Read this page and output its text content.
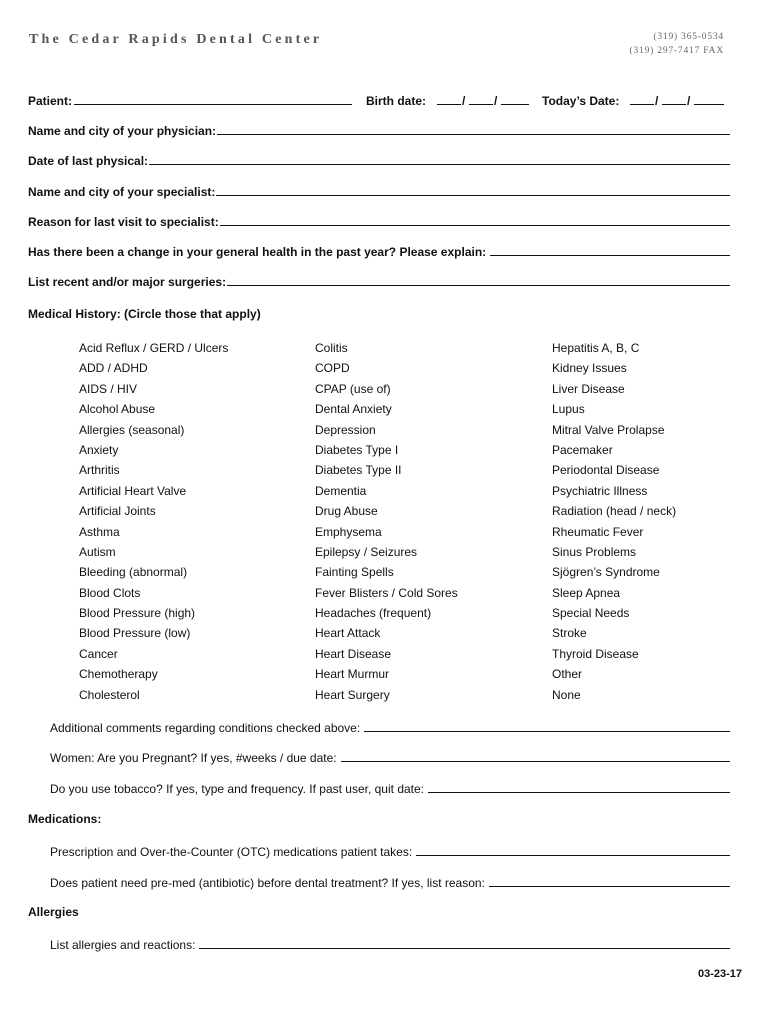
The Cedar Rapids Dental Center	(319) 365-0534
(319) 297-7417 FAX
Patient:	Birth date:	/ /	Today’s Date:	/ /
Name and city of your physician:
Date of last physical:
Name and city of your specialist:
Reason for last visit to specialist:
Has there been a change in your general health in the past year? Please explain:
List recent and/or major surgeries:
Medical History: (Circle those that apply)
Acid Reflux / GERD / Ulcers
ADD / ADHD
AIDS / HIV
Alcohol Abuse
Allergies (seasonal)
Anxiety
Arthritis
Artificial Heart Valve
Artificial Joints
Asthma
Autism
Bleeding (abnormal)
Blood Clots
Blood Pressure (high)
Blood Pressure (low)
Cancer
Chemotherapy
Cholesterol
Colitis
COPD
CPAP (use of)
Dental Anxiety
Depression
Diabetes Type I
Diabetes Type II
Dementia
Drug Abuse
Emphysema
Epilepsy / Seizures
Fainting Spells
Fever Blisters / Cold Sores
Headaches (frequent)
Heart Attack
Heart Disease
Heart Murmur
Heart Surgery
Hepatitis A, B, C
Kidney Issues
Liver Disease
Lupus
Mitral Valve Prolapse
Pacemaker
Periodontal Disease
Psychiatric Illness
Radiation (head / neck)
Rheumatic Fever
Sinus Problems
Sjögren’s Syndrome
Sleep Apnea
Special Needs
Stroke
Thyroid Disease
Other
None
Additional comments regarding conditions checked above:
Women: Are you Pregnant? If yes, #weeks / due date:
Do you use tobacco? If yes, type and frequency. If past user, quit date:
Medications:
Prescription and Over-the-Counter (OTC) medications patient takes:
Does patient need pre-med (antibiotic) before dental treatment? If yes, list reason:
Allergies
List allergies and reactions:
03-23-17
